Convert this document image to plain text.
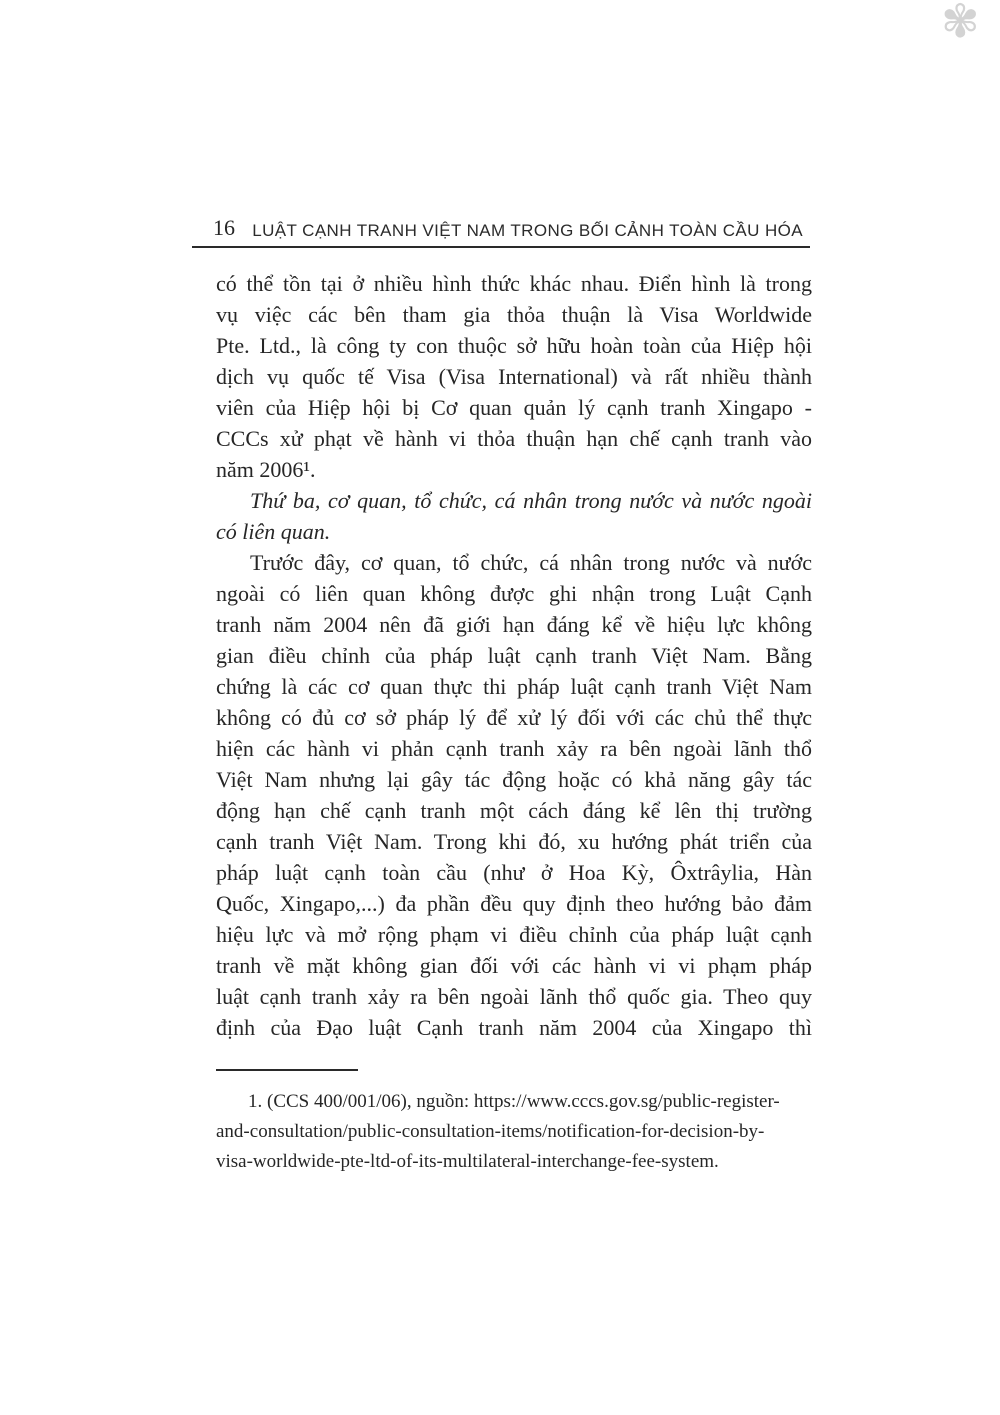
✾
16 LUẬT CẠNH TRANH VIỆT NAM TRONG BỐI CẢNH TOÀN CẦU HÓA
có thể tồn tại ở nhiều hình thức khác nhau. Điển hình là trong
vụ việc các bên tham gia thỏa thuận là Visa Worldwide
Pte. Ltd., là công ty con thuộc sở hữu hoàn toàn của Hiệp hội
dịch vụ quốc tế Visa (Visa International) và rất nhiều thành
viên của Hiệp hội bị Cơ quan quản lý cạnh tranh Xingapo -
CCCs xử phạt về hành vi thỏa thuận hạn chế cạnh tranh vào
năm 2006¹.
Thứ ba, cơ quan, tổ chức, cá nhân trong nước và nước ngoài
có liên quan.
Trước đây, cơ quan, tổ chức, cá nhân trong nước và nước
ngoài có liên quan không được ghi nhận trong Luật Cạnh
tranh năm 2004 nên đã giới hạn đáng kể về hiệu lực không
gian điều chỉnh của pháp luật cạnh tranh Việt Nam. Bằng
chứng là các cơ quan thực thi pháp luật cạnh tranh Việt Nam
không có đủ cơ sở pháp lý để xử lý đối với các chủ thể thực
hiện các hành vi phản cạnh tranh xảy ra bên ngoài lãnh thổ
Việt Nam nhưng lại gây tác động hoặc có khả năng gây tác
động hạn chế cạnh tranh một cách đáng kể lên thị trường
cạnh tranh Việt Nam. Trong khi đó, xu hướng phát triển của
pháp luật cạnh toàn cầu (như ở Hoa Kỳ, Ôxtrâylia, Hàn
Quốc, Xingapo,...) đa phần đều quy định theo hướng bảo đảm
hiệu lực và mở rộng phạm vi điều chỉnh của pháp luật cạnh
tranh về mặt không gian đối với các hành vi vi phạm pháp
luật cạnh tranh xảy ra bên ngoài lãnh thổ quốc gia. Theo quy
định của Đạo luật Cạnh tranh năm 2004 của Xingapo thì
1. (CCS 400/001/06), nguồn: https://www.cccs.gov.sg/public-register-
and-consultation/public-consultation-items/notification-for-decision-by-
visa-worldwide-pte-ltd-of-its-multilateral-interchange-fee-system.
